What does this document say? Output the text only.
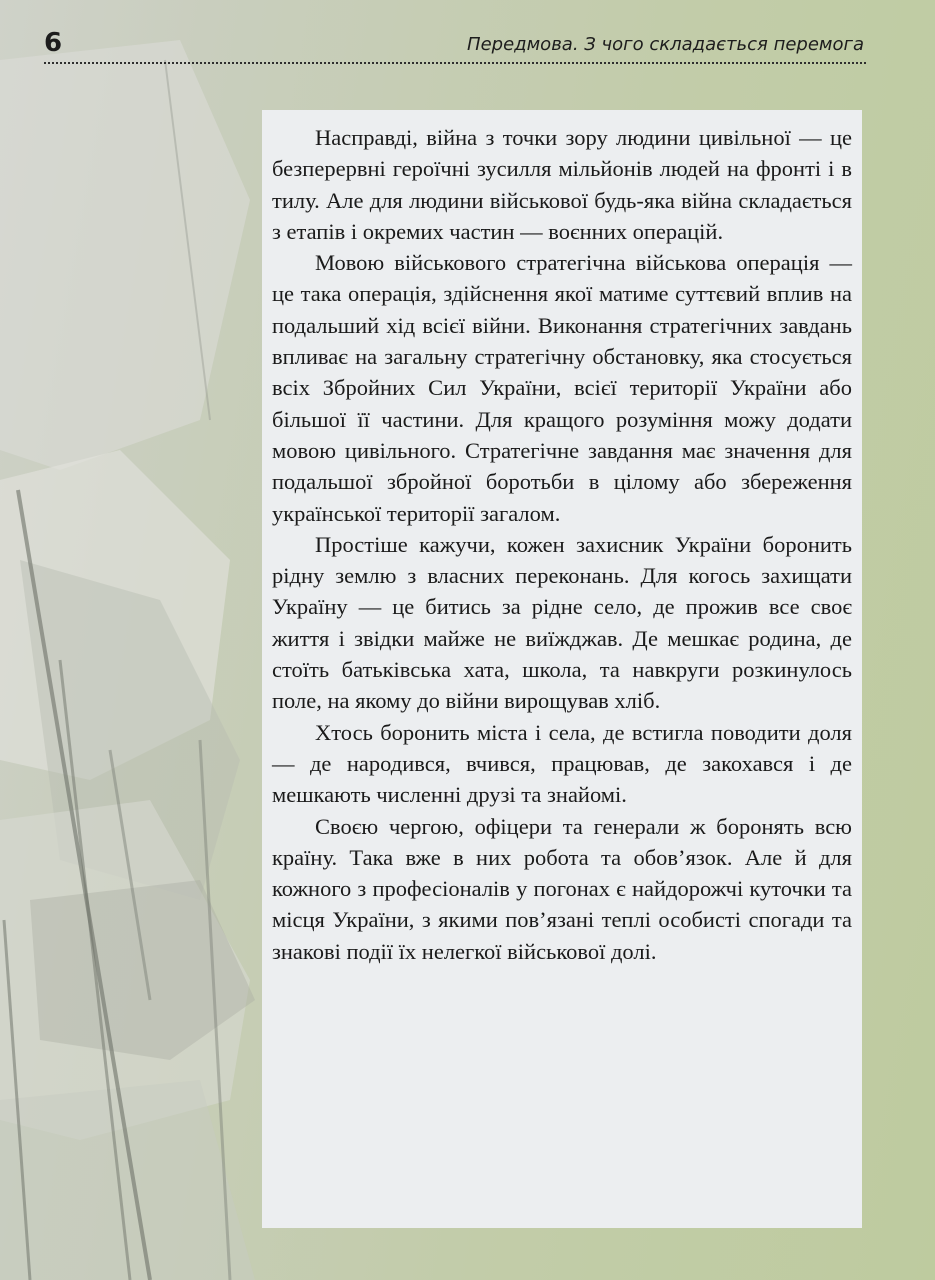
6	Передмова. З чого складається перемога

Насправді, війна з точки зору людини цивільної — це безперервні героїчні зусилля мільйонів людей на фронті і в тилу. Але для людини військової будь-яка війна складається з етапів і окремих частин — воєнних операцій.

Мовою військового стратегічна військова операція — це така операція, здійснення якої матиме суттєвий вплив на подальший хід всієї війни. Виконання стратегічних завдань впливає на загальну стратегічну обстановку, яка стосується всіх Збройних Сил України, всієї території України або більшої її частини. Для кращого розуміння можу додати мовою цивільного. Стратегічне завдання має значення для подальшої збройної боротьби в цілому або збереження української території загалом.

Простіше кажучи, кожен захисник України боронить рідну землю з власних переконань. Для когось захищати Україну — це битись за рідне село, де прожив все своє життя і звідки майже не виїжджав. Де мешкає родина, де стоїть батьківська хата, школа, та навкруги розкинулось поле, на якому до війни вирощував хліб.

Хтось боронить міста і села, де встигла поводити доля — де народився, вчився, працював, де закохався і де мешкають численні друзі та знайомі.

Своєю чергою, офіцери та генерали ж боронять всю країну. Така вже в них робота та обов’язок. Але й для кожного з професіоналів у погонах є найдорожчі куточки та місця України, з якими пов’язані теплі особисті спогади та знакові події їх нелегкої військової долі.
